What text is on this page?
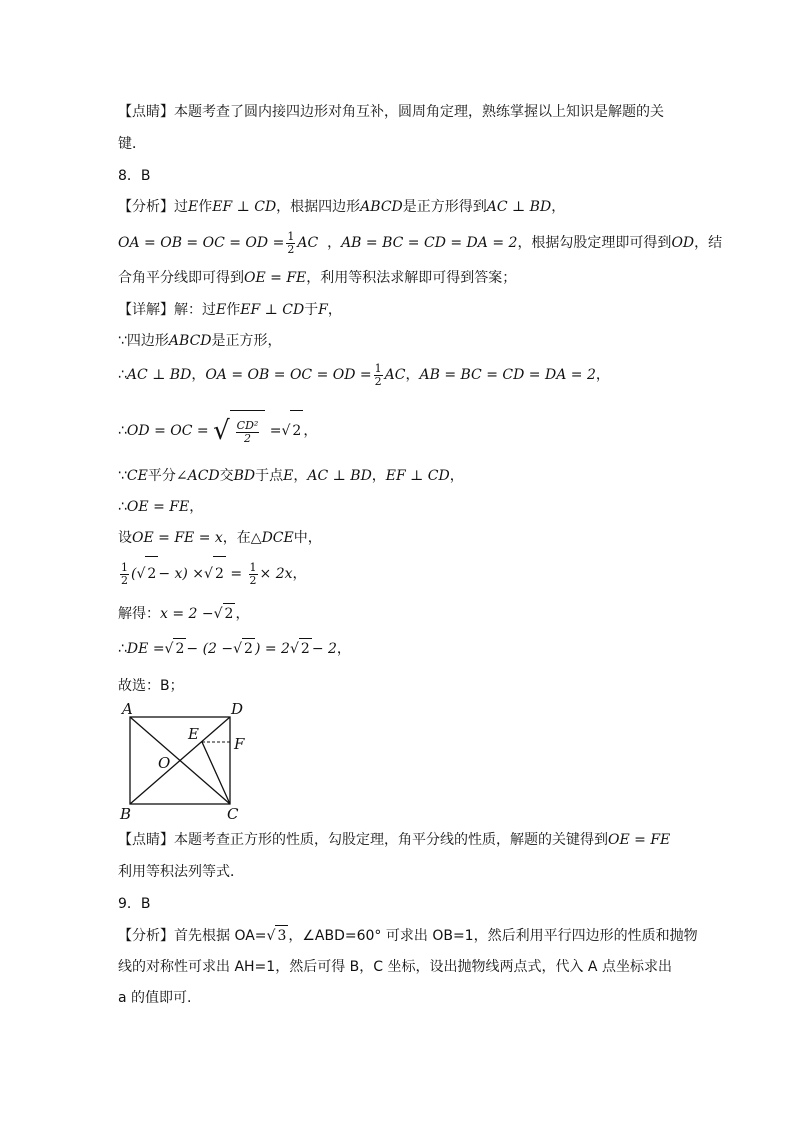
【点睛】本题考查了圆内接四边形对角互补，圆周角定理，熟练掌握以上知识是解题的关
键．
8．B
【分析】过E作EF ⊥ CD，根据四边形ABCD是正方形得到AC ⊥ BD，
OA = OB = OC = OD = $\frac{1}{2}$ AC ，AB = BC = CD = DA = 2，根据勾股定理即可得到OD，结
合角平分线即可得到OE = FE，利用等积法求解即可得到答案；
【详解】解：过E作EF ⊥ CD于F，
∵四边形ABCD是正方形，
∴AC ⊥ BD，OA = OB = OC = OD = $\frac{1}{2}$ AC，AB = BC = CD = DA = 2，
∴OD = OC = √ $\frac{\text{CD²}}{2}$ =√ 2 ，
∵CE平分∠ACD交BD于点E，AC ⊥ BD，EF ⊥ CD，
∴OE = FE，
设OE = FE = x，在△DCE中，
$\frac{1}{2}$ (√ 2 − x) ×√ $2 = \frac{1}{2} \times 2x$，
解得：x = 2 −√ 2 ，
∴DE =√ 2 − (2 −√ 2 ) = 2√ 2 − 2，
故选：B；
A	D
E
F
O
B	C
【点睛】本题考查正方形的性质，勾股定理，角平分线的性质，解题的关键得到OE = FE
利用等积法列等式．
9．B
【分析】首先根据 OA=√ 3 ，∠ABD=60° 可求出 OB=1，然后利用平行四边形的性质和抛物
线的对称性可求出 AH=1，然后可得 B，C 坐标，设出抛物线两点式，代入 A 点坐标求出
a 的值即可.
